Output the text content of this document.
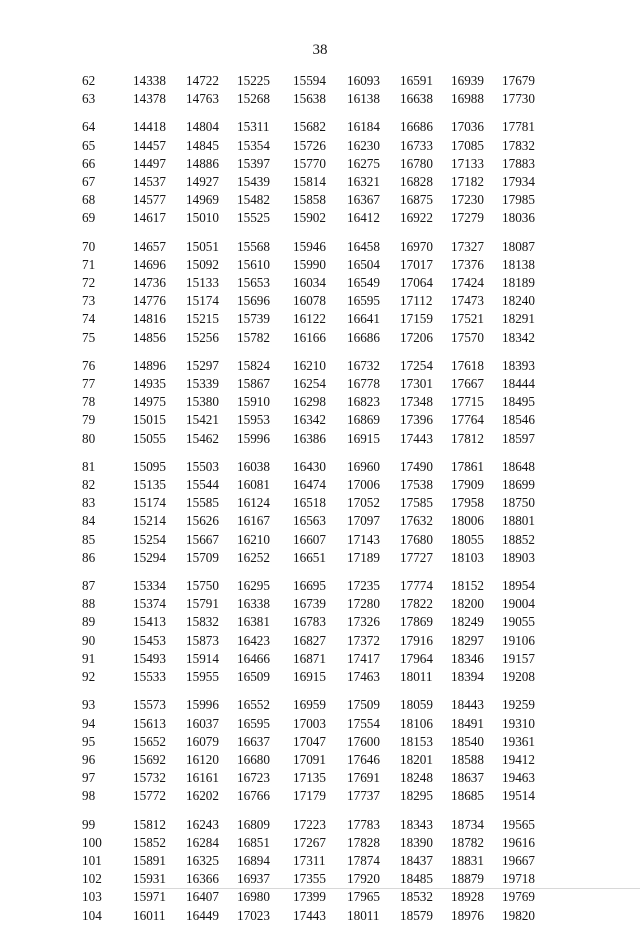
38
62	14338	14722	15225	15594	16093	16591	16939	17679
63	14378	14763	15268	15638	16138	16638	16988	17730
64	14418	14804	15311	15682	16184	16686	17036	17781
65	14457	14845	15354	15726	16230	16733	17085	17832
66	14497	14886	15397	15770	16275	16780	17133	17883
67	14537	14927	15439	15814	16321	16828	17182	17934
68	14577	14969	15482	15858	16367	16875	17230	17985
69	14617	15010	15525	15902	16412	16922	17279	18036
70	14657	15051	15568	15946	16458	16970	17327	18087
71	14696	15092	15610	15990	16504	17017	17376	18138
72	14736	15133	15653	16034	16549	17064	17424	18189
73	14776	15174	15696	16078	16595	17112	17473	18240
74	14816	15215	15739	16122	16641	17159	17521	18291
75	14856	15256	15782	16166	16686	17206	17570	18342
76	14896	15297	15824	16210	16732	17254	17618	18393
77	14935	15339	15867	16254	16778	17301	17667	18444
78	14975	15380	15910	16298	16823	17348	17715	18495
79	15015	15421	15953	16342	16869	17396	17764	18546
80	15055	15462	15996	16386	16915	17443	17812	18597
81	15095	15503	16038	16430	16960	17490	17861	18648
82	15135	15544	16081	16474	17006	17538	17909	18699
83	15174	15585	16124	16518	17052	17585	17958	18750
84	15214	15626	16167	16563	17097	17632	18006	18801
85	15254	15667	16210	16607	17143	17680	18055	18852
86	15294	15709	16252	16651	17189	17727	18103	18903
87	15334	15750	16295	16695	17235	17774	18152	18954
88	15374	15791	16338	16739	17280	17822	18200	19004
89	15413	15832	16381	16783	17326	17869	18249	19055
90	15453	15873	16423	16827	17372	17916	18297	19106
91	15493	15914	16466	16871	17417	17964	18346	19157
92	15533	15955	16509	16915	17463	18011	18394	19208
93	15573	15996	16552	16959	17509	18059	18443	19259
94	15613	16037	16595	17003	17554	18106	18491	19310
95	15652	16079	16637	17047	17600	18153	18540	19361
96	15692	16120	16680	17091	17646	18201	18588	19412
97	15732	16161	16723	17135	17691	18248	18637	19463
98	15772	16202	16766	17179	17737	18295	18685	19514
99	15812	16243	16809	17223	17783	18343	18734	19565
100	15852	16284	16851	17267	17828	18390	18782	19616
101	15891	16325	16894	17311	17874	18437	18831	19667
102	15931	16366	16937	17355	17920	18485	18879	19718
103	15971	16407	16980	17399	17965	18532	18928	19769
104	16011	16449	17023	17443	18011	18579	18976	19820
